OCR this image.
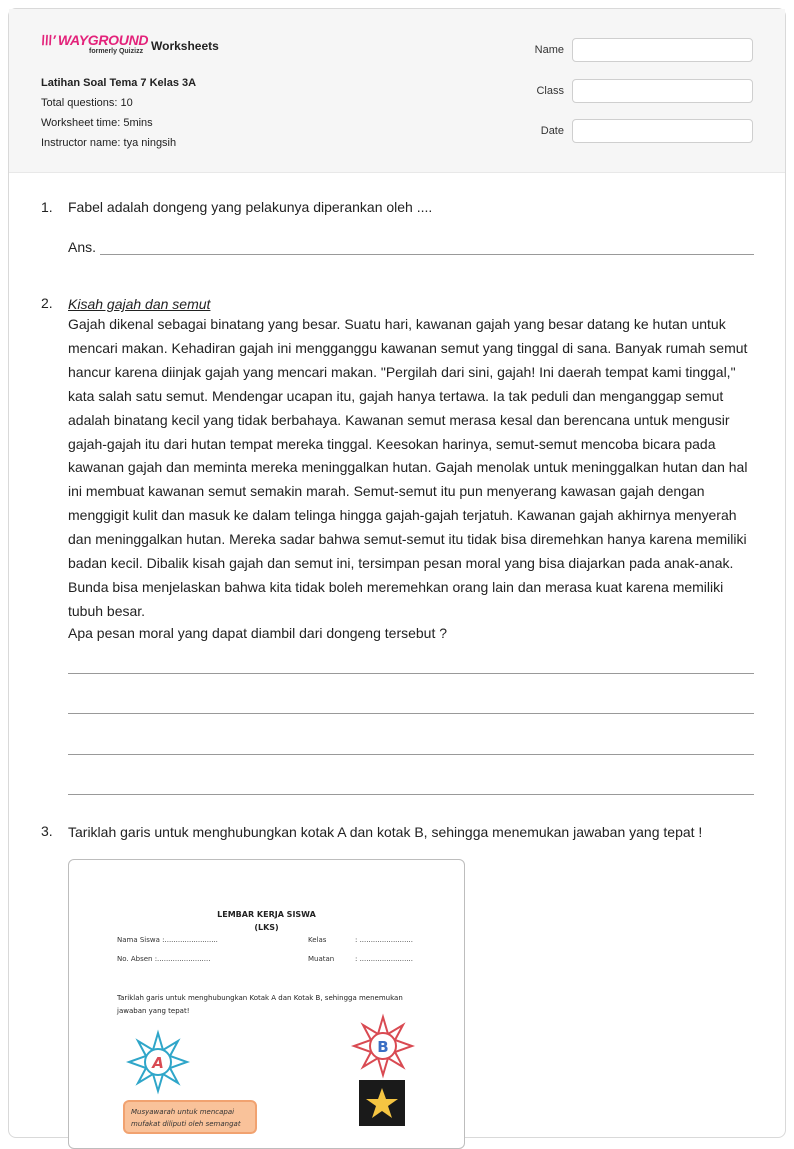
\\\' WAYGROUND
formerly Quizizz Worksheets
Latihan Soal Tema 7 Kelas 3A
Total questions: 10
Worksheet time: 5mins
Instructor name: tya ningsih
Name
Class
Date
1. Fabel adalah dongeng yang pelakunya diperankan oleh ....
Ans.
2. Kisah gajah dan semut
Gajah dikenal sebagai binatang yang besar. Suatu hari, kawanan gajah yang besar datang ke hutan untuk mencari makan. Kehadiran gajah ini mengganggu kawanan semut yang tinggal di sana. Banyak rumah semut hancur karena diinjak gajah yang mencari makan. "Pergilah dari sini, gajah! Ini daerah tempat kami tinggal," kata salah satu semut. Mendengar ucapan itu, gajah hanya tertawa. Ia tak peduli dan menganggap semut adalah binatang kecil yang tidak berbahaya. Kawanan semut merasa kesal dan berencana untuk mengusir gajah-gajah itu dari hutan tempat mereka tinggal. Keesokan harinya, semut-semut mencoba bicara pada kawanan gajah dan meminta mereka meninggalkan hutan. Gajah menolak untuk meninggalkan hutan dan hal ini membuat kawanan semut semakin marah. Semut-semut itu pun menyerang kawasan gajah dengan menggigit kulit dan masuk ke dalam telinga hingga gajah-gajah terjatuh. Kawanan gajah akhirnya menyerah dan meninggalkan hutan. Mereka sadar bahwa semut-semut itu tidak bisa diremehkan hanya karena memiliki badan kecil. Dibalik kisah gajah dan semut ini, tersimpan pesan moral yang bisa diajarkan pada anak-anak. Bunda bisa menjelaskan bahwa kita tidak boleh meremehkan orang lain dan merasa kuat karena memiliki tubuh besar.
Apa pesan moral yang dapat diambil dari dongeng tersebut ?
3. Tariklah garis untuk menghubungkan kotak A dan kotak B, sehingga menemukan jawaban yang tepat !
LEMBAR KERJA SISWA
(LKS)
Nama Siswa :........................	Kelas	: ........................
No. Absen :........................	Muatan	: ........................
Tariklah garis untuk menghubungkan Kotak A dan Kotak B, sehingga menemukan jawaban yang tepat!
A
B
Musyawarah untuk mencapai mufakat diliputi oleh semangat
